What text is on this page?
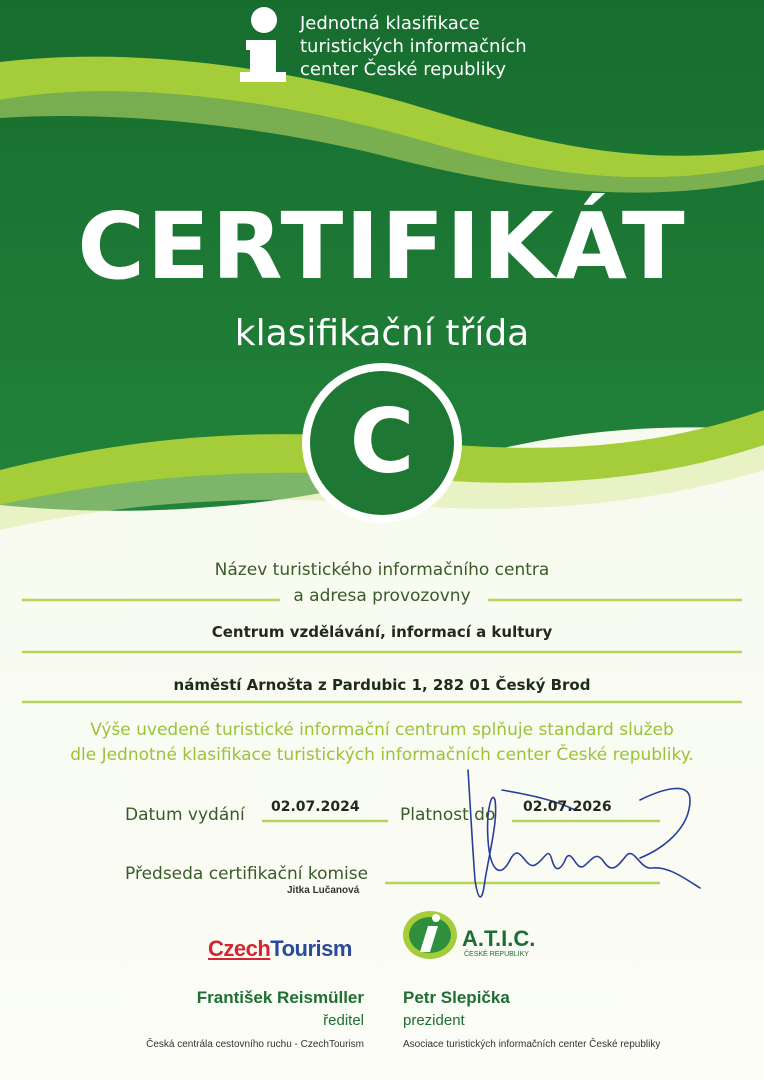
Jednotná klasifikace
turistických informačních
center České republiky
CERTIFIKÁT
klasifikační třída
C
Název turistického informačního centra
a adresa provozovny
Centrum vzdělávání, informací a kultury
náměstí Arnošta z Pardubic 1, 282 01 Český Brod
Výše uvedené turistické informační centrum splňuje standard služeb
dle Jednotné klasifikace turistických informačních center České republiky.
Datum vydání 02.07.2024 Platnost do 02.07.2026
Předseda certifikační komise
Jitka Lučanová
CzechTourism	A.T.I.C.
ČESKÉ REPUBLIKY
František Reismüller
ředitel
Česká centrála cestovního ruchu - CzechTourism
Petr Slepička
prezident
Asociace turistických informačních center České republiky
